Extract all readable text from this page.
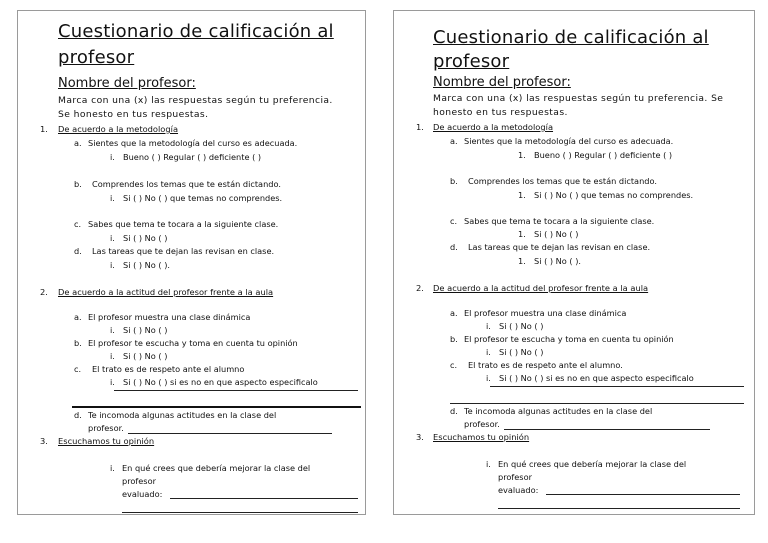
Cuestionario de calificación al
profesor
Nombre del profesor:
Marca con una (x) las respuestas según tu preferencia.
Se honesto en tus respuestas.
1. De acuerdo a la metodología
a. Sientes que la metodología del curso es adecuada.
i. Bueno ( ) Regular ( ) deficiente ( )
b. Comprendes los temas que te están dictando.
i. Si ( ) No ( ) que temas no comprendes.
c. Sabes que tema te tocara a la siguiente clase.
i. Si ( ) No ( )
d. Las tareas que te dejan las revisan en clase.
i. Si ( ) No ( ).
2. De acuerdo a la actitud del profesor frente a la aula
a. El profesor muestra una clase dinámica
i. Si ( ) No ( )
b. El profesor te escucha y toma en cuenta tu opinión
i. Si ( ) No ( )
c. El trato es de respeto ante el alumno
i. Si ( ) No ( ) si es no en que aspecto especificalo
d. Te incomoda algunas actitudes en la clase del
profesor.
3. Escuchamos tu opinión
i. En qué crees que debería mejorar la clase del
profesor
evaluado:
Cuestionario de calificación al
profesor
Nombre del profesor:
Marca con una (x) las respuestas según tu preferencia. Se
honesto en tus respuestas.
1. De acuerdo a la metodología
a. Sientes que la metodología del curso es adecuada.
1. Bueno ( ) Regular ( ) deficiente ( )
b. Comprendes los temas que te están dictando.
1. Si ( ) No ( ) que temas no comprendes.
c. Sabes que tema te tocara a la siguiente clase.
1. Si ( ) No ( )
d. Las tareas que te dejan las revisan en clase.
1. Si ( ) No ( ).
2. De acuerdo a la actitud del profesor frente a la aula
a. El profesor muestra una clase dinámica
i. Si ( ) No ( )
b. El profesor te escucha y toma en cuenta tu opinión
i. Si ( ) No ( )
c. El trato es de respeto ante el alumno.
i. Si ( ) No ( ) si es no en que aspecto especificalo
d. Te incomoda algunas actitudes en la clase del
profesor.
3. Escuchamos tu opinión
i. En qué crees que debería mejorar la clase del
profesor
evaluado:
